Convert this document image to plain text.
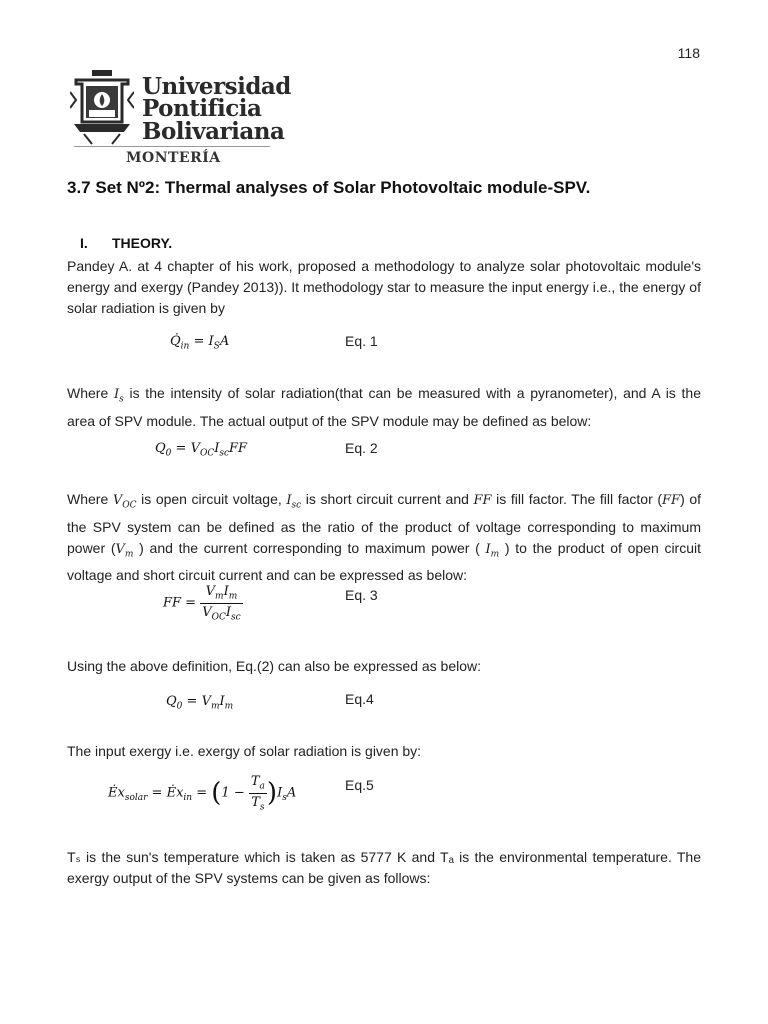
118
Universidad
Pontificia
Bolivariana
MONTERÍA
3.7 Set Nº2: Thermal analyses of Solar Photovoltaic module-SPV.
I. THEORY.

Pandey A. at 4 chapter of his work, proposed a methodology to analyze solar photovoltaic module's energy and exergy (Pandey 2013)). It methodology star to measure the input energy i.e., the energy of solar radiation is given by

$Q̇_{in} = I_SA$	Eq. 1

Where $I_s$ is the intensity of solar radiation(that can be measured with a pyranometer), and A is the area of SPV module. The actual output of the SPV module may be defined as below:

$Q_0 = V_{OC}I_{sc}FF$	Eq. 2

Where $V_{OC}$ is open circuit voltage, $I_{sc}$ is short circuit current and FF is fill factor. The fill factor (FF) of the SPV system can be defined as the ratio of the product of voltage corresponding to maximum power ($V_m$ ) and the current corresponding to maximum power ( $I_m$ ) to the product of open circuit voltage and short circuit current and can be expressed as below:

FF = $\frac{V_mI_m}{V_{OC}I_{sc}}$	Eq. 3

Using the above definition, Eq.(2) can also be expressed as below:

$Q_0 = V_mI_m$	Eq.4

The input exergy i.e. exergy of solar radiation is given by:

$Ėx_{solar}$ = $Ėx_{in} = (1 - \frac{T_a}{T_s} )I_sA$
Eq.5

Tₛ is the sun's temperature which is taken as 5777 K and Tₐ is the environmental temperature. The exergy output of the SPV systems can be given as follows:
